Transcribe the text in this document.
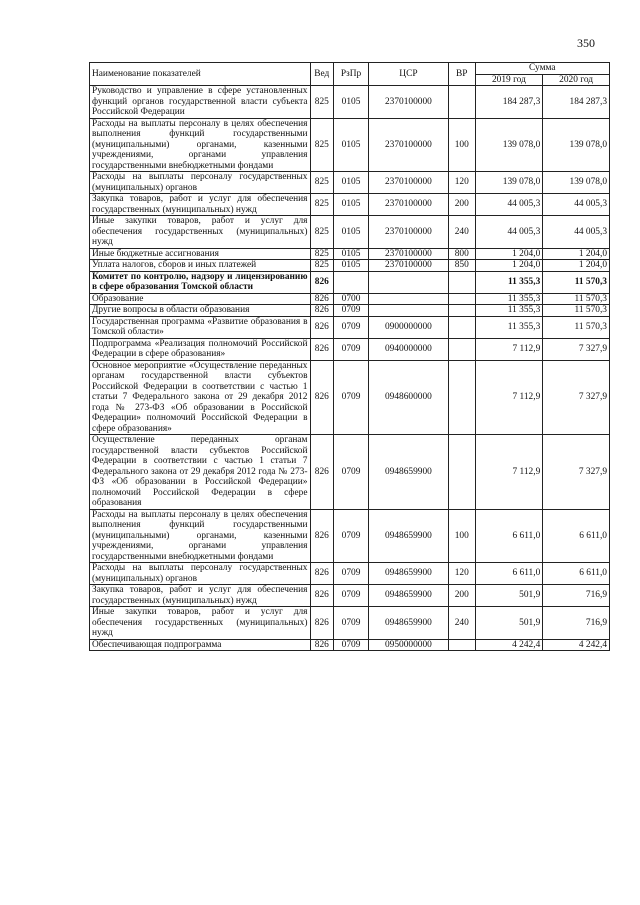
350
Наименование показателей	Вед	РзПр	ЦСР	ВР	Сумма	
					2019 год	2020 год
Руководство и управление в сфере установленных функций органов государственной власти субъекта Российской Федерации	825	0105	2370100000		184 287,3	184 287,3
Расходы на выплаты персоналу в целях обеспечения выполнения функций государственными (муниципальными) органами, казенными учреждениями, органами управления государственными внебюджетными фондами	825	0105	2370100000	100	139 078,0	139 078,0
Расходы на выплаты персоналу государственных (муниципальных) органов	825	0105	2370100000	120	139 078,0	139 078,0
Закупка товаров, работ и услуг для обеспечения государственных (муниципальных) нужд	825	0105	2370100000	200	44 005,3	44 005,3
Иные закупки товаров, работ и услуг для обеспечения государственных (муниципальных) нужд	825	0105	2370100000	240	44 005,3	44 005,3
Иные бюджетные ассигнования	825	0105	2370100000	800	1 204,0	1 204,0
Уплата налогов, сборов и иных платежей	825	0105	2370100000	850	1 204,0	1 204,0
Комитет по контролю, надзору и лицензированию в сфере образования Томской области	826				11 355,3	11 570,3
Образование	826	0700			11 355,3	11 570,3
Другие вопросы в области образования	826	0709			11 355,3	11 570,3
Государственная программа «Развитие образования в Томской области»	826	0709	0900000000		11 355,3	11 570,3
Подпрограмма «Реализация полномочий Российской Федерации в сфере образования»	826	0709	0940000000		7 112,9	7 327,9
Основное мероприятие «Осуществление переданных органам государственной власти субъектов Российской Федерации в соответствии с частью 1 статьи 7 Федерального закона от 29 декабря 2012 года № 273-ФЗ «Об образовании в Российской Федерации» полномочий Российской Федерации в сфере образования»	826	0709	0948600000		7 112,9	7 327,9
Осуществление переданных органам государственной власти субъектов Российской Федерации в соответствии с частью 1 статьи 7 Федерального закона от 29 декабря 2012 года № 273-ФЗ «Об образовании в Российской Федерации» полномочий Российской Федерации в сфере образования	826	0709	0948659900		7 112,9	7 327,9
Расходы на выплаты персоналу в целях обеспечения выполнения функций государственными (муниципальными) органами, казенными учреждениями, органами управления государственными внебюджетными фондами	826	0709	0948659900	100	6 611,0	6 611,0
Расходы на выплаты персоналу государственных (муниципальных) органов	826	0709	0948659900	120	6 611,0	6 611,0
Закупка товаров, работ и услуг для обеспечения государственных (муниципальных) нужд	826	0709	0948659900	200	501,9	716,9
Иные закупки товаров, работ и услуг для обеспечения государственных (муниципальных) нужд	826	0709	0948659900	240	501,9	716,9
Обеспечивающая подпрограмма	826	0709	0950000000		4 242,4	4 242,4
